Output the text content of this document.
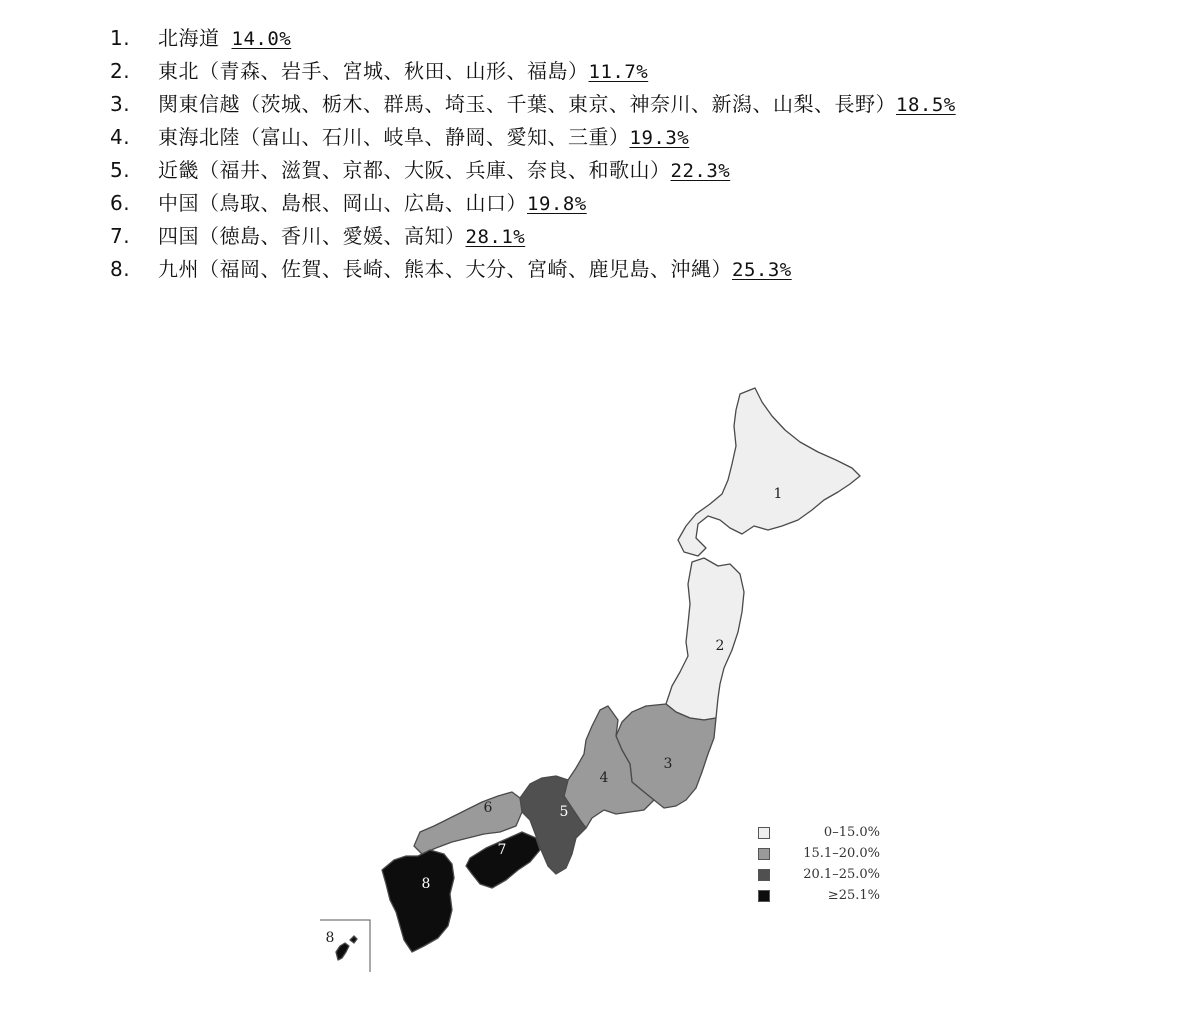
1. 北海道 14.0%
2. 東北（青森、岩手、宮城、秋田、山形、福島）11.7%
3. 関東信越（茨城、栃木、群馬、埼玉、千葉、東京、神奈川、新潟、山梨、長野）18.5%
4. 東海北陸（富山、石川、岐阜、静岡、愛知、三重）19.3%
5. 近畿（福井、滋賀、京都、大阪、兵庫、奈良、和歌山）22.3%
6. 中国（鳥取、島根、岡山、広島、山口）19.8%
7. 四国（徳島、香川、愛媛、高知）28.1%
8. 九州（福岡、佐賀、長崎、熊本、大分、宮崎、鹿児島、沖縄）25.3%
1
2
3
4
5
6
7
8
8
0–15.0%
15.1–20.0%
20.1–25.0%
≥25.1%
